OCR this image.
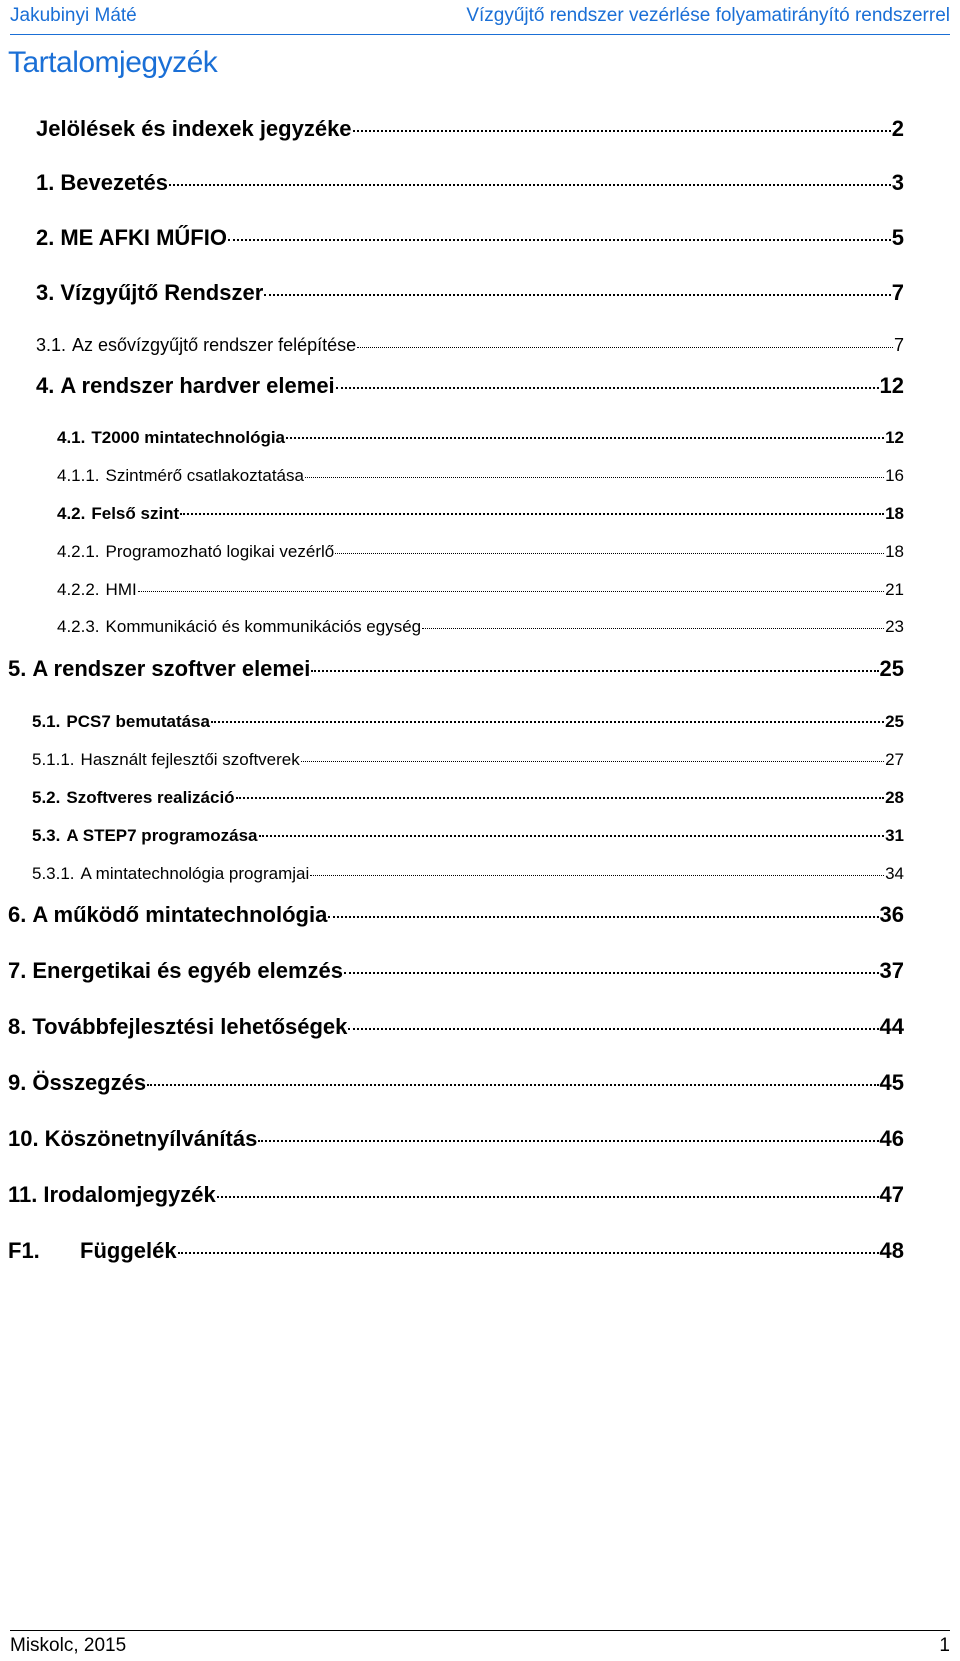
Jakubinyi Máté	Vízgyűjtő rendszer vezérlése folyamatirányító rendszerrel
Tartalomjegyzék
Jelölések és indexek jegyzéke	2
1. Bevezetés	3
2. ME AFKI MŰFIO	5
3. Vízgyűjtő Rendszer	7
3.1. Az esővízgyűjtő rendszer felépítése	7
4. A rendszer hardver elemei	12
4.1. T2000 mintatechnológia	12
4.1.1. Szintmérő csatlakoztatása	16
4.2. Felső szint	18
4.2.1. Programozható logikai vezérlő	18
4.2.2. HMI	21
4.2.3. Kommunikáció és kommunikációs egység	23
5. A rendszer szoftver elemei	25
5.1. PCS7 bemutatása	25
5.1.1. Használt fejlesztői szoftverek	27
5.2. Szoftveres realizáció	28
5.3. A STEP7 programozása	31
5.3.1. A mintatechnológia programjai	34
6. A működő mintatechnológia	36
7. Energetikai és egyéb elemzés	37
8. Továbbfejlesztési lehetőségek	44
9. Összegzés	45
10. Köszönetnyílvánítás	46
11. Irodalomjegyzék	47
F1.	Függelék	48
Miskolc, 2015	1
